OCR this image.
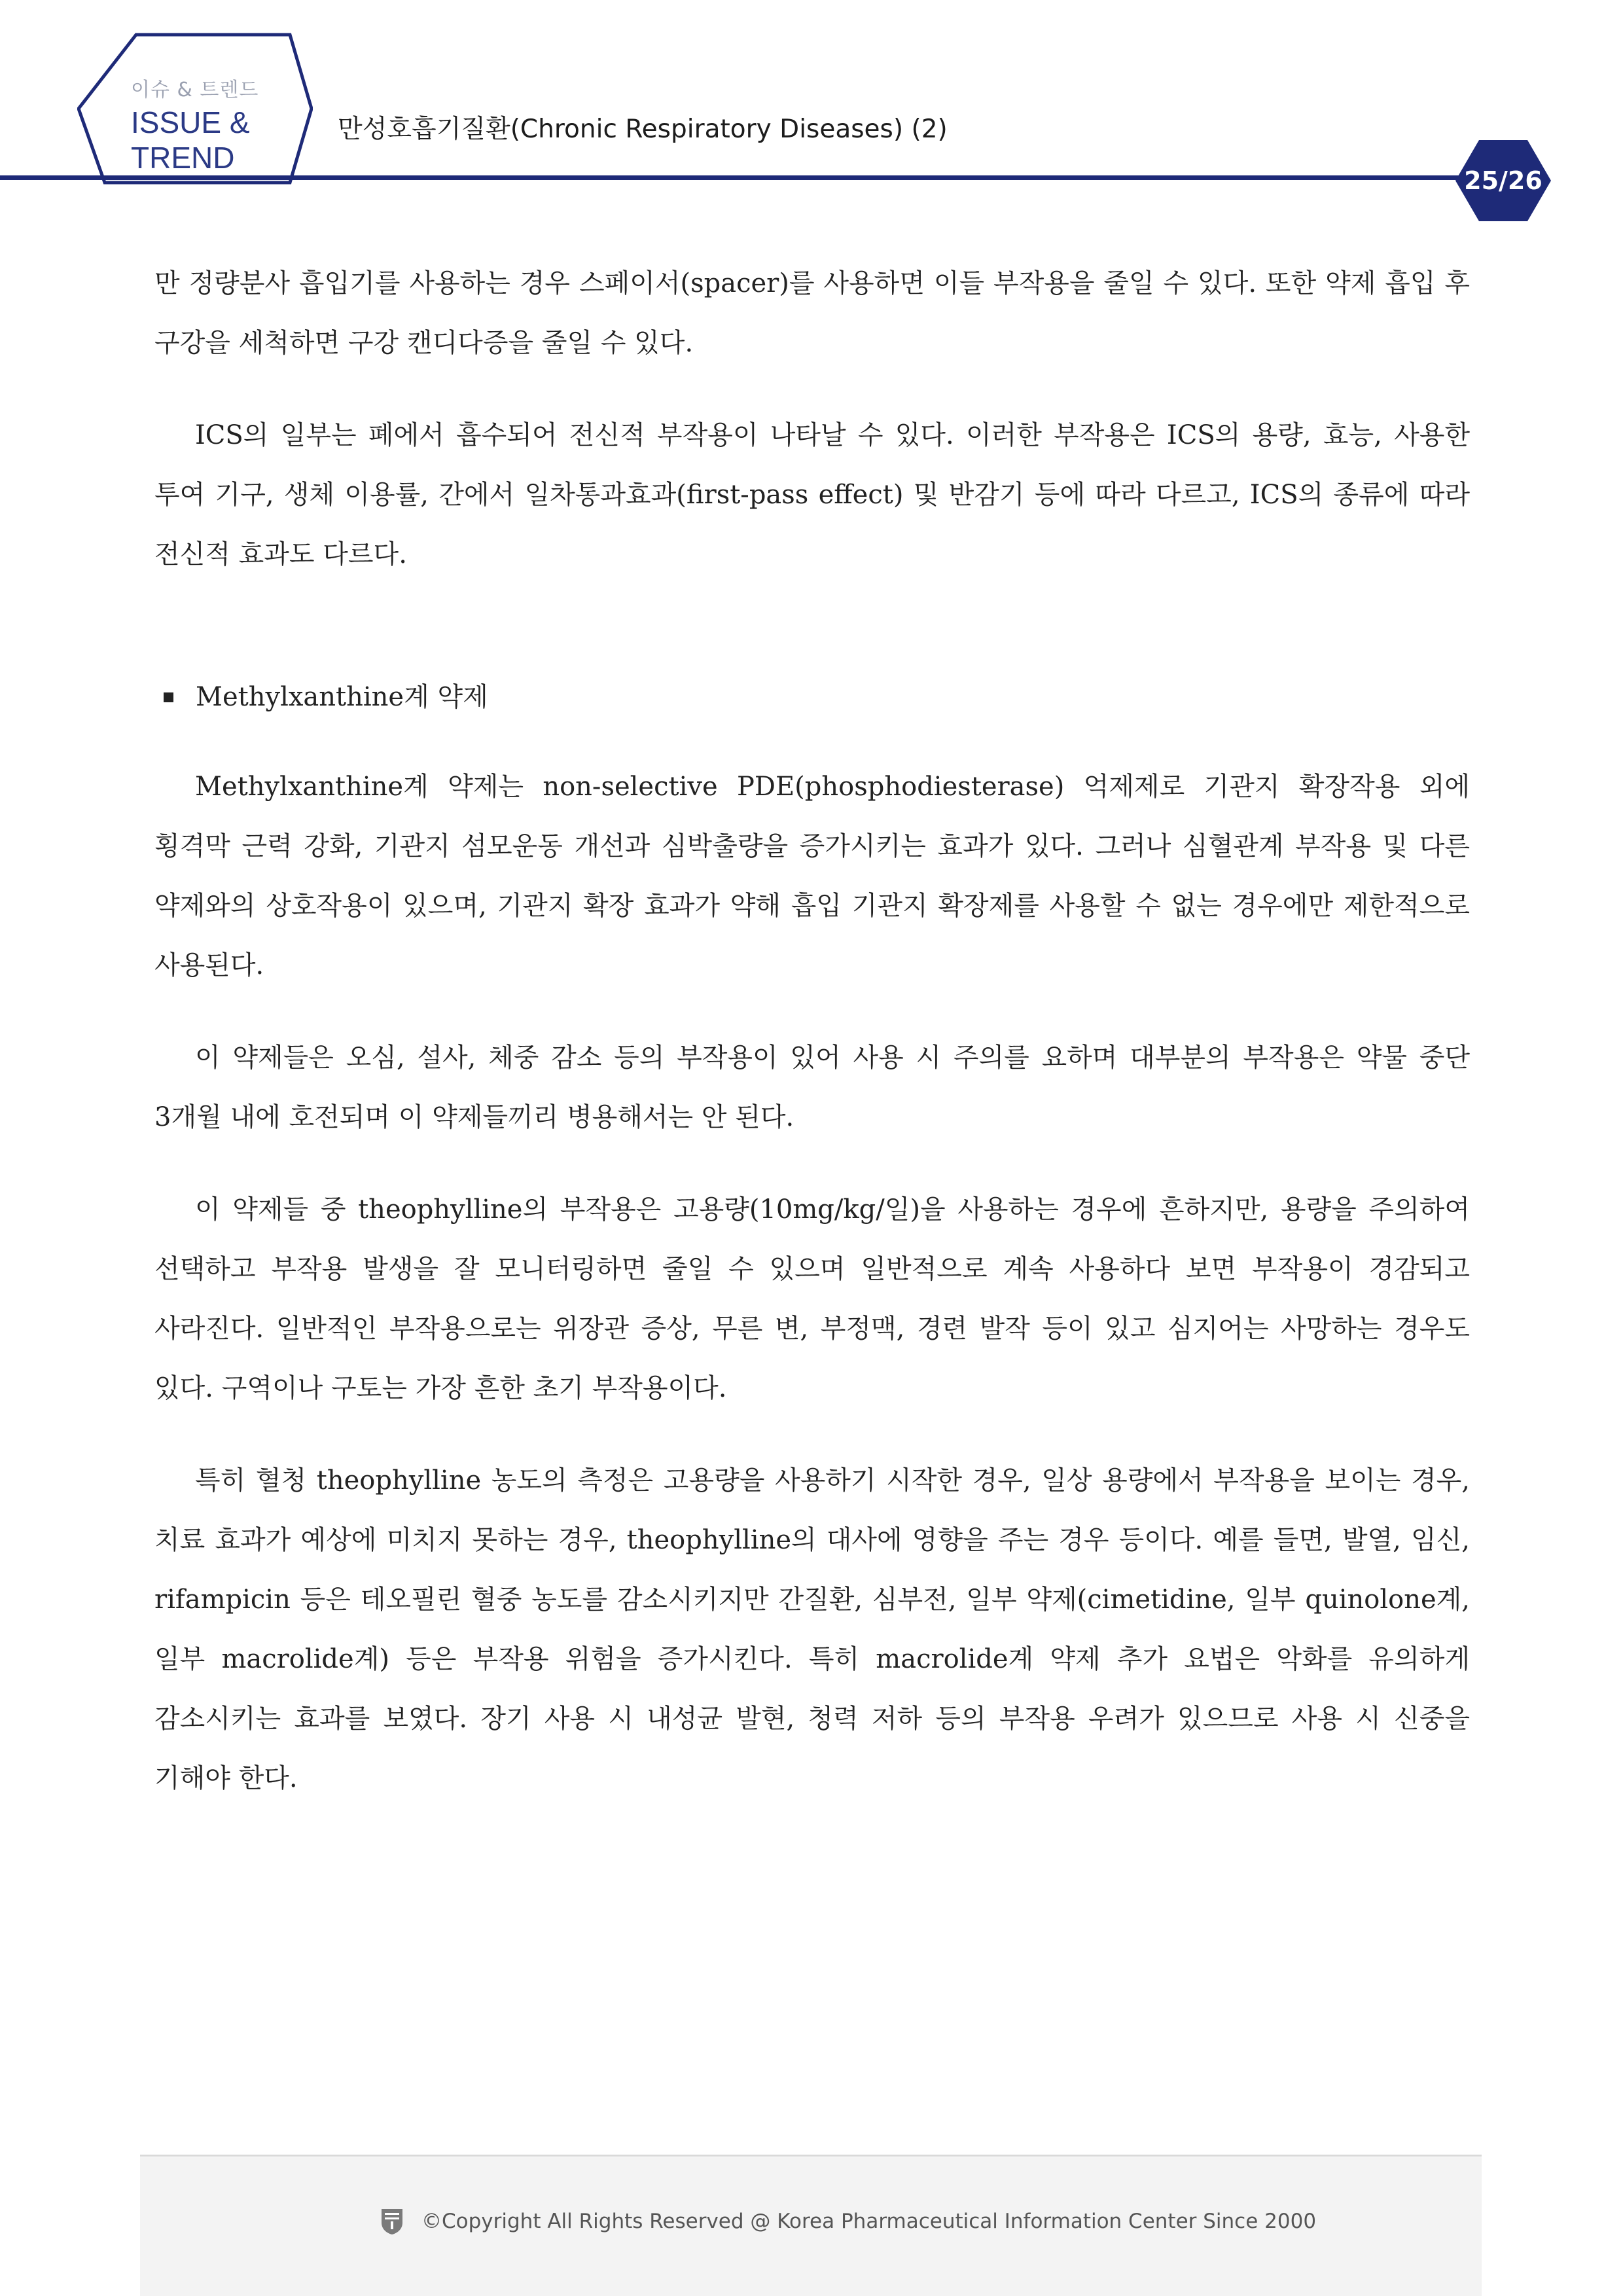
이슈 & 트렌드
ISSUE &
TREND
만성호흡기질환(Chronic Respiratory Diseases) (2)
25/26

만 정량분사 흡입기를 사용하는 경우 스페이서(spacer)를 사용하면 이들 부작용을 줄일 수 있다. 또한 약제 흡입 후 구강을 세척하면 구강 캔디다증을 줄일 수 있다.

ICS의 일부는 폐에서 흡수되어 전신적 부작용이 나타날 수 있다. 이러한 부작용은 ICS의 용량, 효능, 사용한 투여 기구, 생체 이용률, 간에서 일차통과효과(first-pass effect) 및 반감기 등에 따라 다르고, ICS의 종류에 따라 전신적 효과도 다르다.

Methylxanthine계 약제

Methylxanthine계 약제는 non-selective PDE(phosphodiesterase) 억제제로 기관지 확장작용 외에 횡격막 근력 강화, 기관지 섬모운동 개선과 심박출량을 증가시키는 효과가 있다. 그러나 심혈관계 부작용 및 다른 약제와의 상호작용이 있으며, 기관지 확장 효과가 약해 흡입 기관지 확장제를 사용할 수 없는 경우에만 제한적으로 사용된다.

이 약제들은 오심, 설사, 체중 감소 등의 부작용이 있어 사용 시 주의를 요하며 대부분의 부작용은 약물 중단 3개월 내에 호전되며 이 약제들끼리 병용해서는 안 된다.

이 약제들 중 theophylline의 부작용은 고용량(10mg/kg/일)을 사용하는 경우에 흔하지만, 용량을 주의하여 선택하고 부작용 발생을 잘 모니터링하면 줄일 수 있으며 일반적으로 계속 사용하다 보면 부작용이 경감되고 사라진다. 일반적인 부작용으로는 위장관 증상, 무른 변, 부정맥, 경련 발작 등이 있고 심지어는 사망하는 경우도 있다. 구역이나 구토는 가장 흔한 초기 부작용이다.

특히 혈청 theophylline 농도의 측정은 고용량을 사용하기 시작한 경우, 일상 용량에서 부작용을 보이는 경우, 치료 효과가 예상에 미치지 못하는 경우, theophylline의 대사에 영향을 주는 경우 등이다. 예를 들면, 발열, 임신, rifampicin 등은 테오필린 혈중 농도를 감소시키지만 간질환, 심부전, 일부 약제(cimetidine, 일부 quinolone계, 일부 macrolide계) 등은 부작용 위험을 증가시킨다. 특히 macrolide계 약제 추가 요법은 악화를 유의하게 감소시키는 효과를 보였다. 장기 사용 시 내성균 발현, 청력 저하 등의 부작용 우려가 있으므로 사용 시 신중을 기해야 한다.

©Copyright All Rights Reserved @ Korea Pharmaceutical Information Center Since 2000
